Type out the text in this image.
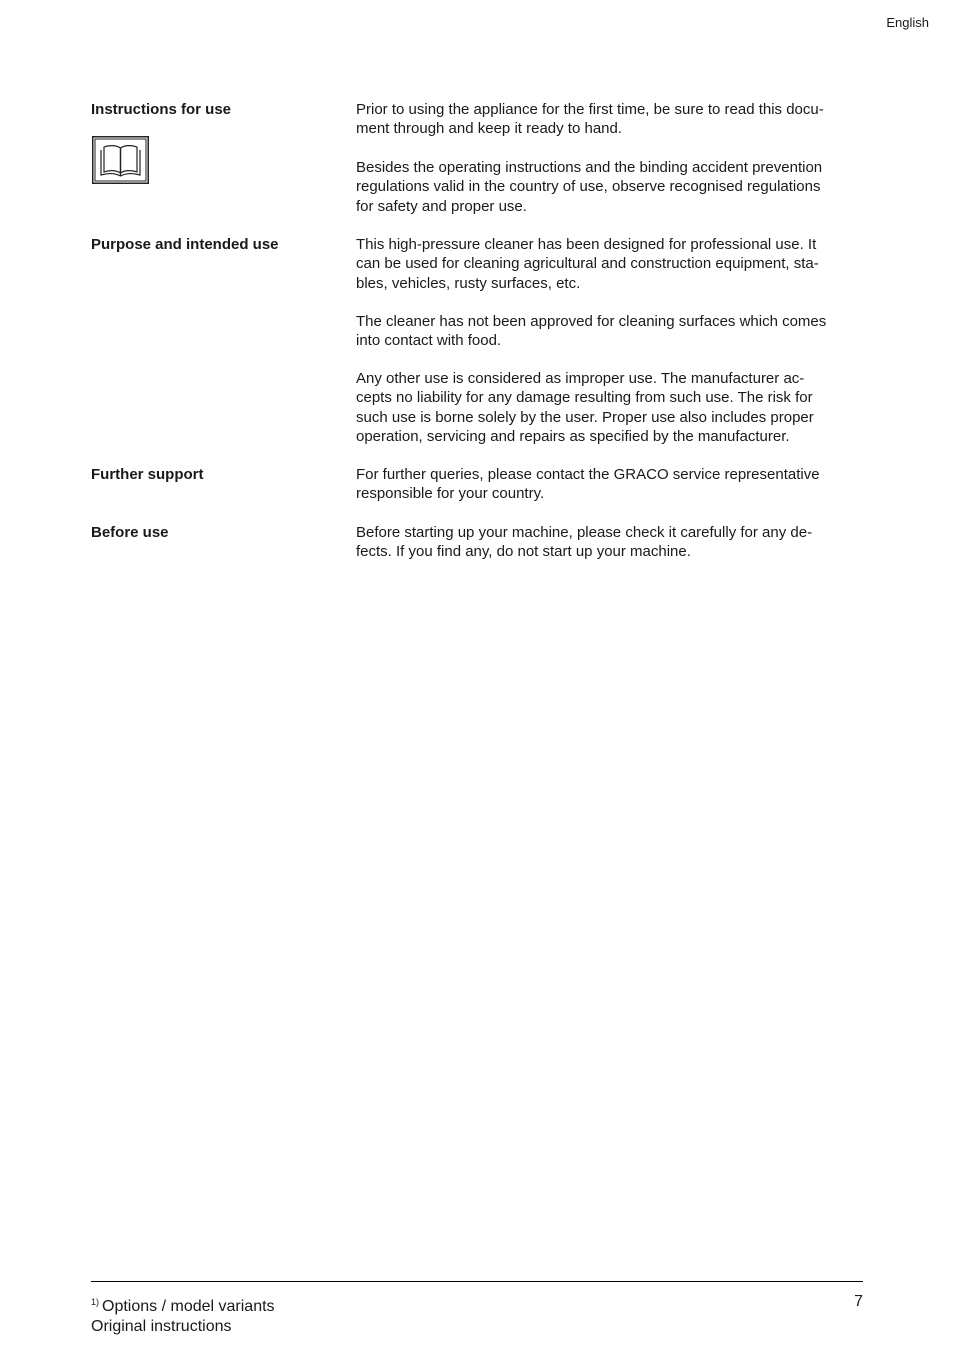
English
Instructions for use	Prior to using the appliance for the first time, be sure to read this docu-
ment through and keep it ready to hand.
Besides the operating instructions and the binding accident prevention
regulations valid in the country of use, observe recognised regulations
for safety and proper use.
Purpose and intended use	This high-pressure cleaner has been designed for professional use. It
can be used for cleaning agricultural and construction equipment, sta-
bles, vehicles, rusty surfaces, etc.
The cleaner has not been approved for cleaning surfaces which comes
into contact with food.
Any other use is considered as improper use. The manufacturer ac-
cepts no liability for any damage resulting from such use. The risk for
such use is borne solely by the user. Proper use also includes proper
operation, servicing and repairs as specified by the manufacturer.
Further support	For further queries, please contact the GRACO service representative
responsible for your country.
Before use	Before starting up your machine, please check it carefully for any de-
fects. If you find any, do not start up your machine.
$^{1)}$ Options / model variants
Original instructions
7
